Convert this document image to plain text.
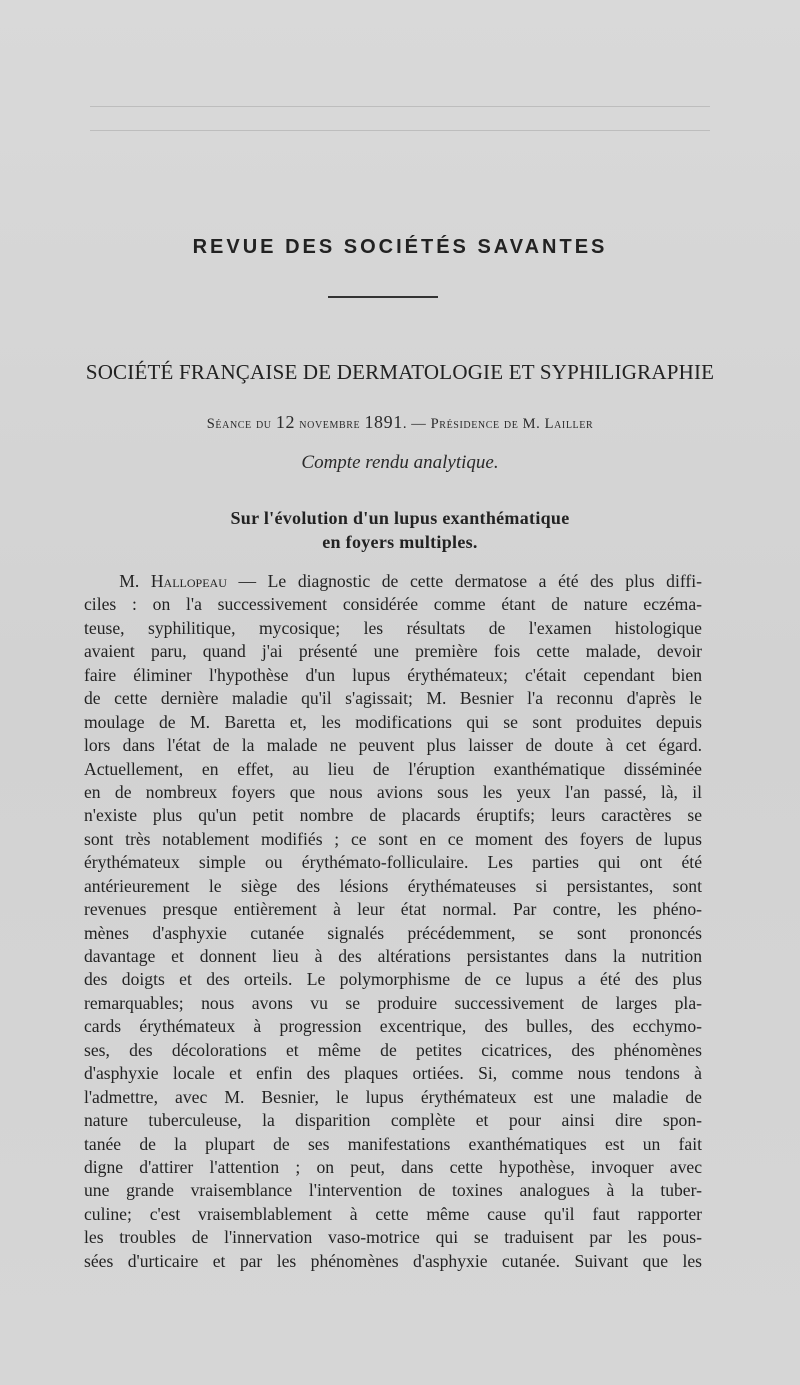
REVUE DES SOCIÉTÉS SAVANTES
SOCIÉTÉ FRANÇAISE DE DERMATOLOGIE ET SYPHILIGRAPHIE
Séance du 12 novembre 1891. — Présidence de M. Lailler
Compte rendu analytique.
Sur l'évolution d'un lupus exanthématique
en foyers multiples.
  M. Hallopeau — Le diagnostic de cette dermatose a été des plus diffi-
ciles : on l'a successivement considérée comme étant de nature eczéma-
teuse, syphilitique, mycosique; les résultats de l'examen histologique
avaient paru, quand j'ai présenté une première fois cette malade, devoir
faire éliminer l'hypothèse d'un lupus érythémateux; c'était cependant bien
de cette dernière maladie qu'il s'agissait; M. Besnier l'a reconnu d'après le
moulage de M. Baretta et, les modifications qui se sont produites depuis
lors dans l'état de la malade ne peuvent plus laisser de doute à cet égard.
Actuellement, en effet, au lieu de l'éruption exanthématique disséminée
en de nombreux foyers que nous avions sous les yeux l'an passé, là, il
n'existe plus qu'un petit nombre de placards éruptifs; leurs caractères se
sont très notablement modifiés ; ce sont en ce moment des foyers de lupus
érythémateux simple ou érythémato-folliculaire. Les parties qui ont été
antérieurement le siège des lésions érythémateuses si persistantes, sont
revenues presque entièrement à leur état normal. Par contre, les phéno-
mènes d'asphyxie cutanée signalés précédemment, se sont prononcés
davantage et donnent lieu à des altérations persistantes dans la nutrition
des doigts et des orteils. Le polymorphisme de ce lupus a été des plus
remarquables; nous avons vu se produire successivement de larges pla-
cards érythémateux à progression excentrique, des bulles, des ecchymo-
ses, des décolorations et même de petites cicatrices, des phénomènes
d'asphyxie locale et enfin des plaques ortiées. Si, comme nous tendons à
l'admettre, avec M. Besnier, le lupus érythémateux est une maladie de
nature tuberculeuse, la disparition complète et pour ainsi dire spon-
tanée de la plupart de ses manifestations exanthématiques est un fait
digne d'attirer l'attention ; on peut, dans cette hypothèse, invoquer avec
une grande vraisemblance l'intervention de toxines analogues à la tuber-
culine; c'est vraisemblablement à cette même cause qu'il faut rapporter
les troubles de l'innervation vaso-motrice qui se traduisent par les pous-
sées d'urticaire et par les phénomènes d'asphyxie cutanée. Suivant que les
